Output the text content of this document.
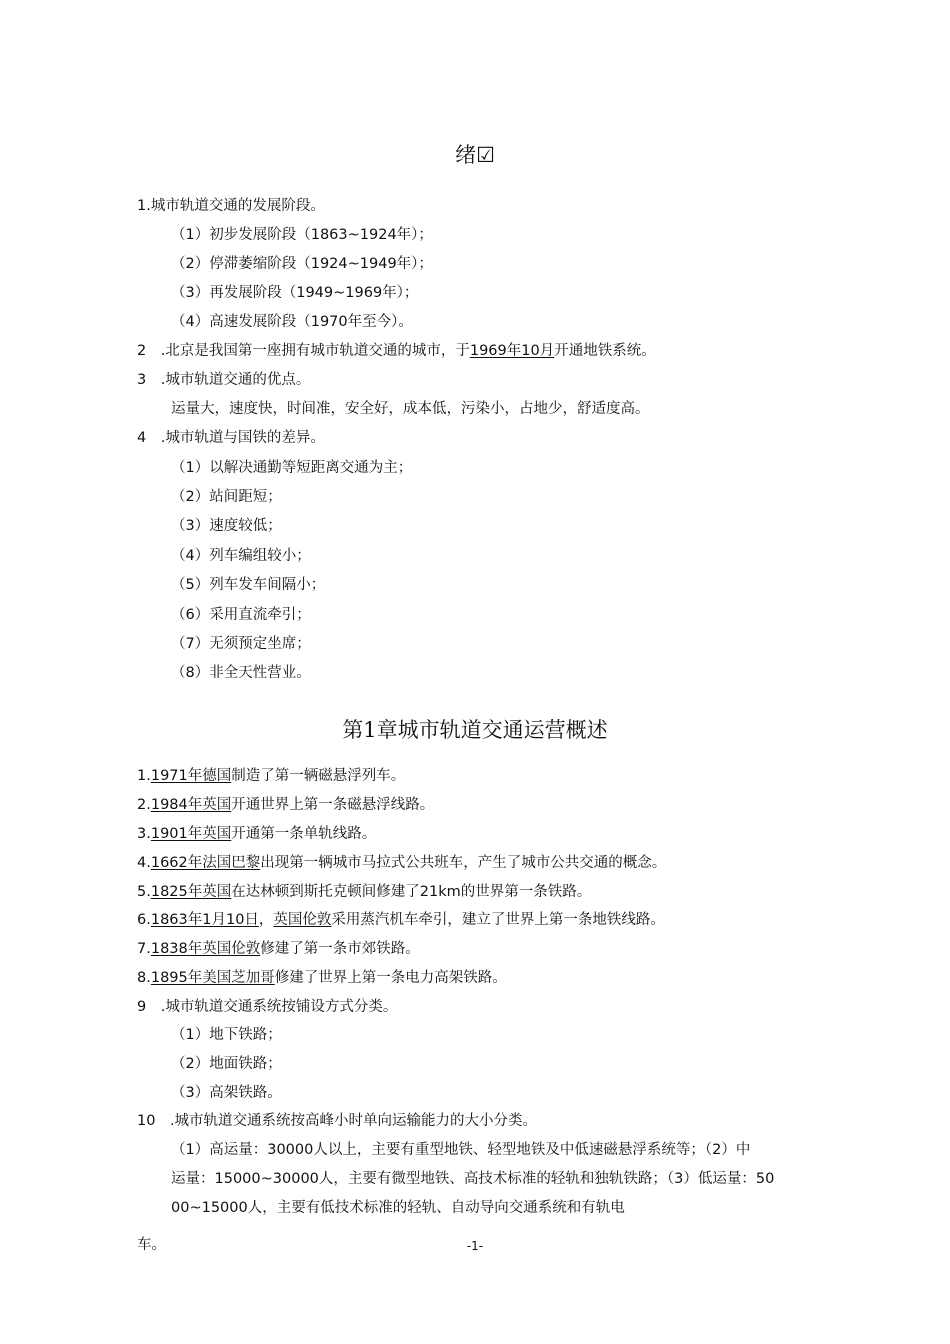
绪☑
1.城市轨道交通的发展阶段。
（1）初步发展阶段（1863~1924年）；
（2）停滞萎缩阶段（1924~1949年）；
（3）再发展阶段（1949~1969年）；
（4）高速发展阶段（1970年至今）。
2　.北京是我国第一座拥有城市轨道交通的城市，于1969年10月开通地铁系统。
3　.城市轨道交通的优点。
运量大，速度快，时间准，安全好，成本低，污染小，占地少，舒适度高。
4　.城市轨道与国铁的差异。
（1）以解决通勤等短距离交通为主；
（2）站间距短；
（3）速度较低；
（4）列车编组较小；
（5）列车发车间隔小；
（6）采用直流牵引；
（7）无须预定坐席；
（8）非全天性营业。
第1章城市轨道交通运营概述
1.1971年德国制造了第一辆磁悬浮列车。
2.1984年英国开通世界上第一条磁悬浮线路。
3.1901年英国开通第一条单轨线路。
4.1662年法国巴黎出现第一辆城市马拉式公共班车，产生了城市公共交通的概念。
5.1825年英国在达林顿到斯托克顿间修建了21km的世界第一条铁路。
6.1863年1月10日，英国伦敦采用蒸汽机车牵引，建立了世界上第一条地铁线路。
7.1838年英国伦敦修建了第一条市郊铁路。
8.1895年美国芝加哥修建了世界上第一条电力高架铁路。
9　.城市轨道交通系统按铺设方式分类。
（1）地下铁路；
（2）地面铁路；
（3）高架铁路。
10　.城市轨道交通系统按高峰小时单向运输能力的大小分类。
（1）高运量：30000人以上，主要有重型地铁、轻型地铁及中低速磁悬浮系统等；（2）中
运量：15000~30000人，主要有微型地铁、高技术标准的轻轨和独轨铁路；（3）低运量：50
00~15000人，主要有低技术标准的轻轨、自动导向交通系统和有轨电
车。	-1-
